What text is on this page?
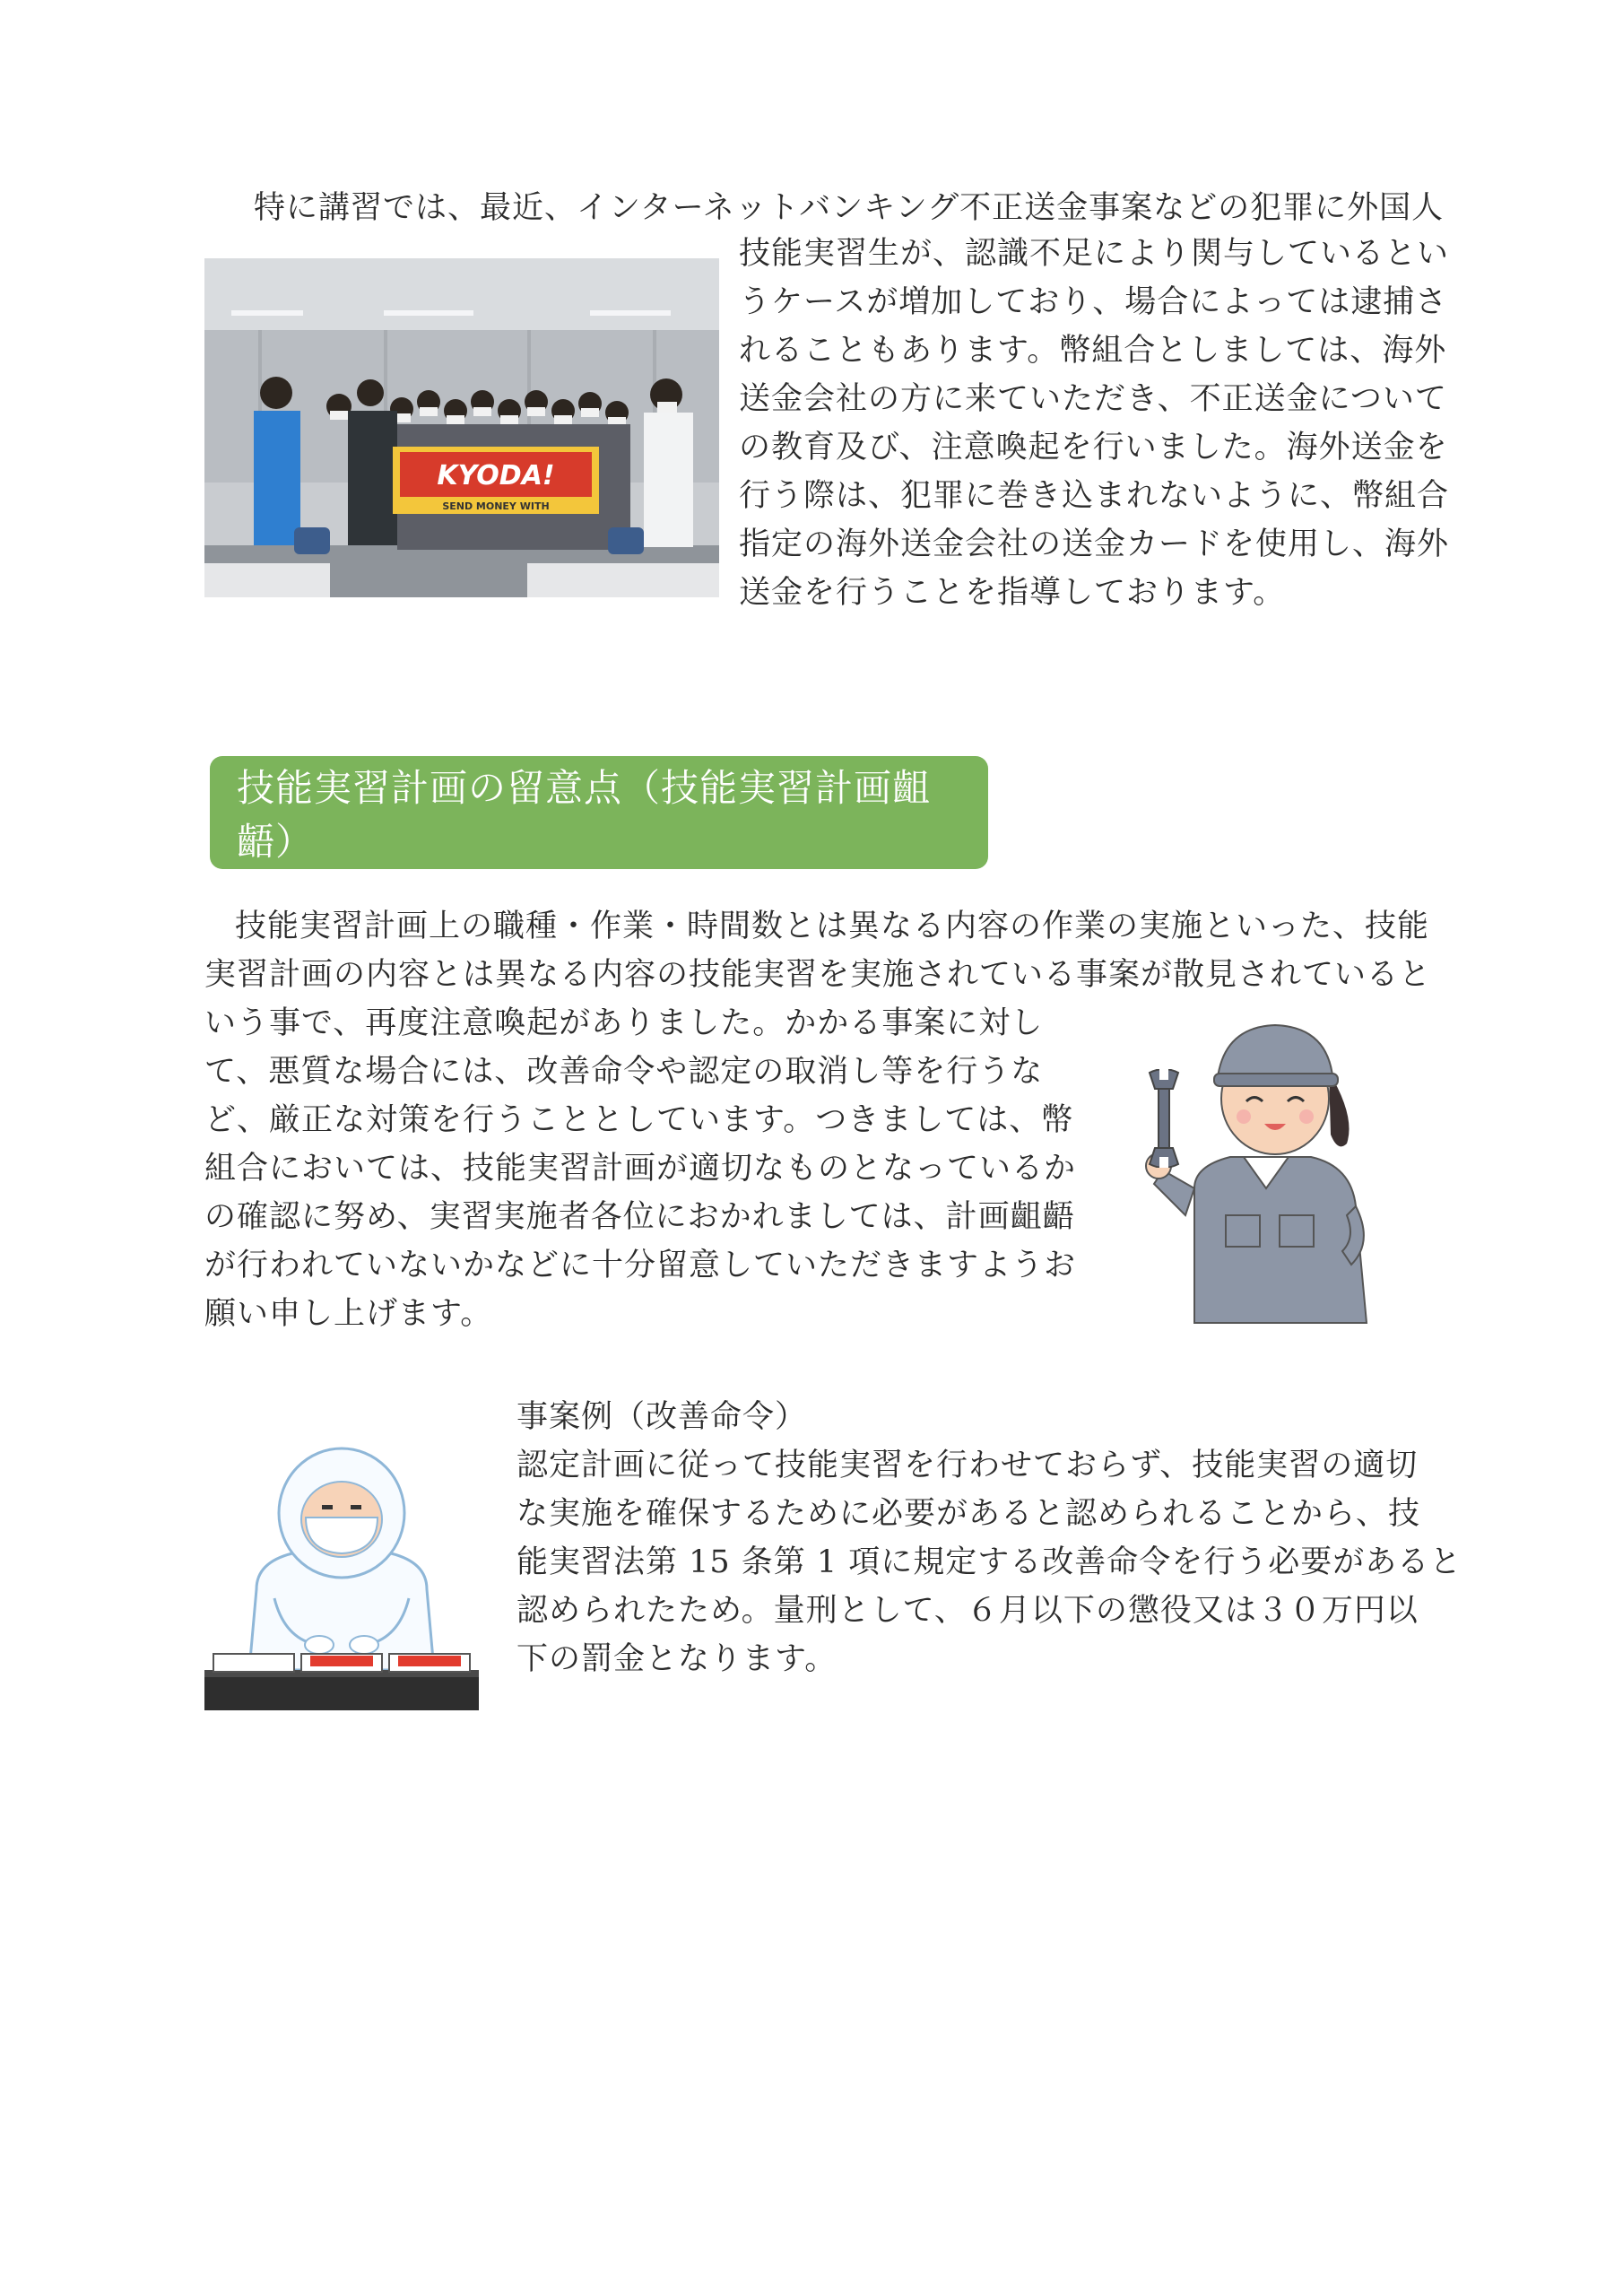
特に講習では、最近、インターネットバンキング不正送金事案などの犯罪に外国人
KYODA!
SEND MONEY WITH
技能実習生が、認識不足により関与しているとい
うケースが増加しており、場合によっては逮捕さ
れることもあります。幣組合としましては、海外
送金会社の方に来ていただき、不正送金について
の教育及び、注意喚起を行いました。海外送金を
行う際は、犯罪に巻き込まれないように、幣組合
指定の海外送金会社の送金カードを使用し、海外
送金を行うことを指導しております。
技能実習計画の留意点（技能実習計画齟齬）
技能実習計画上の職種・作業・時間数とは異なる内容の作業の実施といった、技能
実習計画の内容とは異なる内容の技能実習を実施されている事案が散見されていると
いう事で、再度注意喚起がありました。かかる事案に対し
て、悪質な場合には、改善命令や認定の取消し等を行うな
ど、厳正な対策を行うこととしています。つきましては、幣
組合においては、技能実習計画が適切なものとなっているか
の確認に努め、実習実施者各位におかれましては、計画齟齬
が行われていないかなどに十分留意していただきますようお
願い申し上げます。
事案例（改善命令）
認定計画に従って技能実習を行わせておらず、技能実習の適切
な実施を確保するために必要があると認められることから、技
能実習法第 15 条第 1 項に規定する改善命令を行う必要があると
認められたため。量刑として、６月以下の懲役又は３０万円以
下の罰金となります。
